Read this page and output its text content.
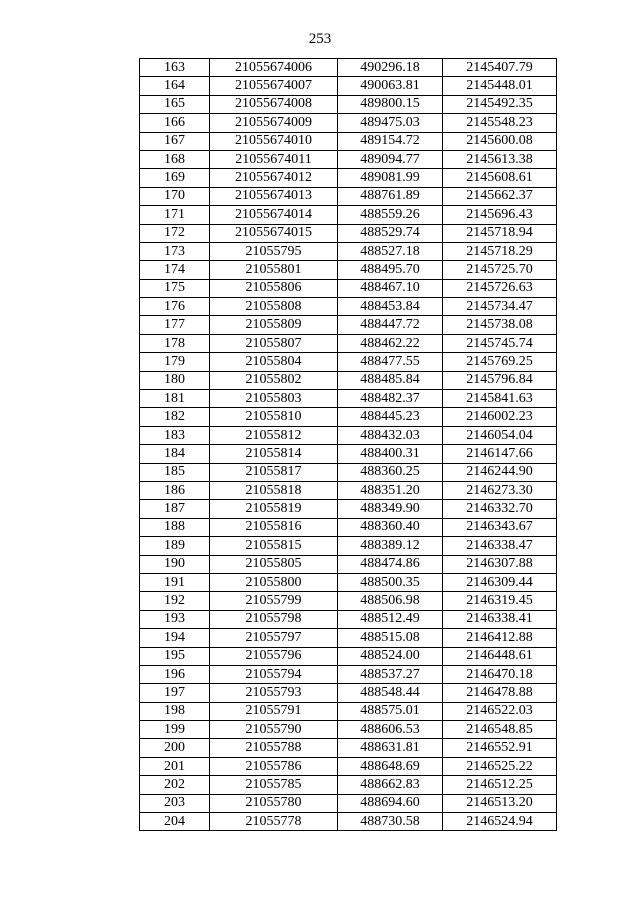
253
163	21055674006	490296.18	2145407.79
164	21055674007	490063.81	2145448.01
165	21055674008	489800.15	2145492.35
166	21055674009	489475.03	2145548.23
167	21055674010	489154.72	2145600.08
168	21055674011	489094.77	2145613.38
169	21055674012	489081.99	2145608.61
170	21055674013	488761.89	2145662.37
171	21055674014	488559.26	2145696.43
172	21055674015	488529.74	2145718.94
173	21055795	488527.18	2145718.29
174	21055801	488495.70	2145725.70
175	21055806	488467.10	2145726.63
176	21055808	488453.84	2145734.47
177	21055809	488447.72	2145738.08
178	21055807	488462.22	2145745.74
179	21055804	488477.55	2145769.25
180	21055802	488485.84	2145796.84
181	21055803	488482.37	2145841.63
182	21055810	488445.23	2146002.23
183	21055812	488432.03	2146054.04
184	21055814	488400.31	2146147.66
185	21055817	488360.25	2146244.90
186	21055818	488351.20	2146273.30
187	21055819	488349.90	2146332.70
188	21055816	488360.40	2146343.67
189	21055815	488389.12	2146338.47
190	21055805	488474.86	2146307.88
191	21055800	488500.35	2146309.44
192	21055799	488506.98	2146319.45
193	21055798	488512.49	2146338.41
194	21055797	488515.08	2146412.88
195	21055796	488524.00	2146448.61
196	21055794	488537.27	2146470.18
197	21055793	488548.44	2146478.88
198	21055791	488575.01	2146522.03
199	21055790	488606.53	2146548.85
200	21055788	488631.81	2146552.91
201	21055786	488648.69	2146525.22
202	21055785	488662.83	2146512.25
203	21055780	488694.60	2146513.20
204	21055778	488730.58	2146524.94
